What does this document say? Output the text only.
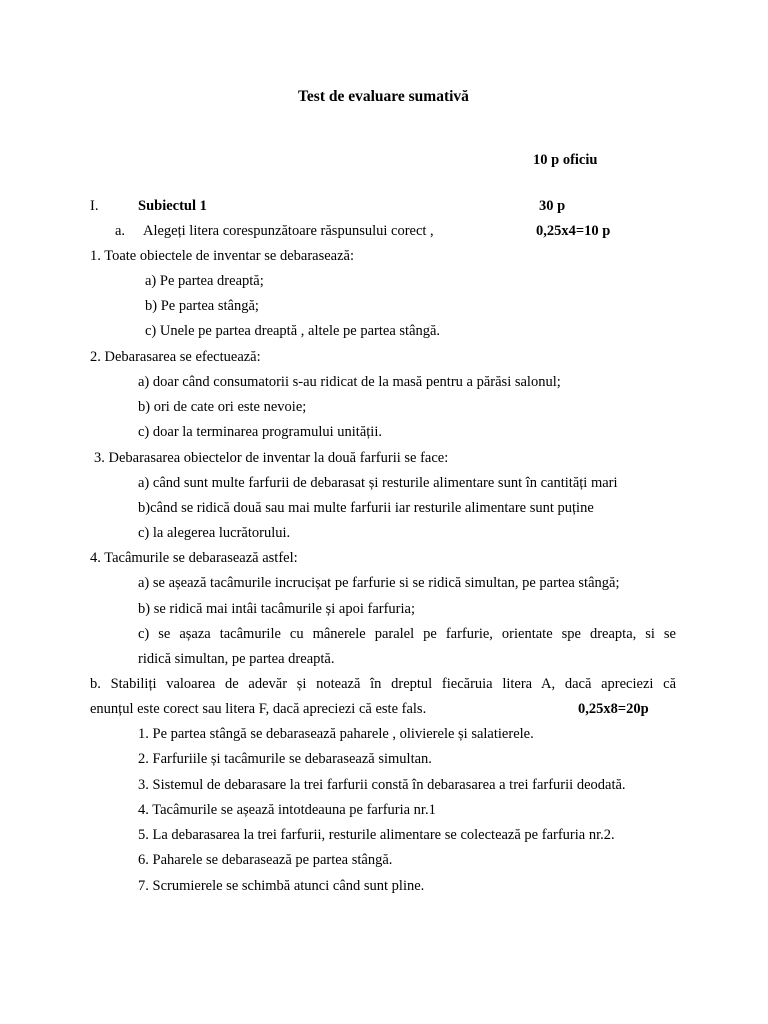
Test de evaluare sumativă
10 p oficiu
I.	Subiectul 1	30 p
a. Alegeți litera corespunzătoare răspunsului corect ,	0,25x4=10 p
1. Toate obiectele de inventar se debarasează:
a) Pe partea dreaptă;
b) Pe partea stângă;
c) Unele pe partea dreaptă , altele pe partea stângă.
2. Debarasarea se efectuează:
a) doar când consumatorii s-au ridicat de la masă pentru a părăsi salonul;
b) ori de cate ori este nevoie;
c) doar la terminarea programului unității.
3. Debarasarea obiectelor de inventar la două farfurii se face:
a) când sunt multe farfurii de debarasat și resturile alimentare sunt în cantități mari
b)când se ridică două sau mai multe farfurii iar resturile alimentare sunt puține
c) la alegerea lucrătorului.
4. Tacâmurile se debarasează astfel:
a) se așează tacâmurile incrucișat pe farfurie si se ridică simultan, pe partea stângă;
b) se ridică mai intâi tacâmurile și apoi farfuria;
c) se așaza tacâmurile cu mânerele paralel pe farfurie, orientate spe dreapta, si se
ridică simultan, pe partea dreaptă.
b. Stabiliți valoarea de adevăr și notează în dreptul fiecăruia litera A, dacă apreciezi că
enunțul este corect sau litera F, dacă apreciezi că este fals.	0,25x8=20p
1. Pe partea stângă se debarasează paharele , olivierele și salatierele.
2. Farfuriile și tacâmurile se debarasează simultan.
3. Sistemul de debarasare la trei farfurii constă în debarasarea a trei farfurii deodată.
4. Tacâmurile se așează intotdeauna pe farfuria nr.1
5. La debarasarea la trei farfurii, resturile alimentare se colectează pe farfuria nr.2.
6. Paharele se debarasează pe partea stângă.
7. Scrumierele se schimbă atunci când sunt pline.
